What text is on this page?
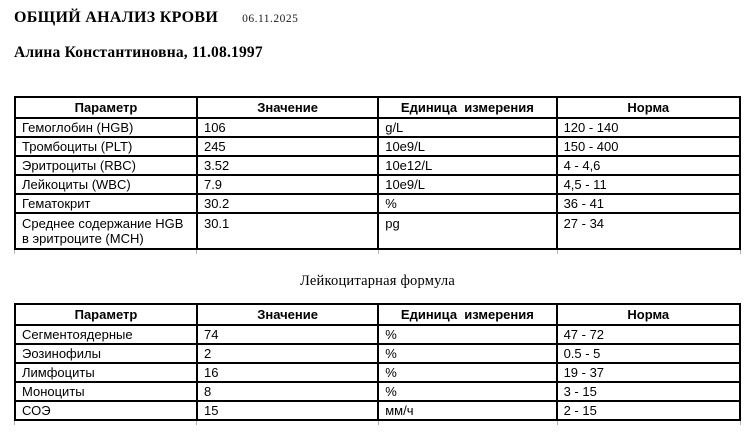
ОБЩИЙ АНАЛИЗ КРОВИ 06.11.2025
Алина Константиновна, 11.08.1997
Параметр	Значение	Единица  измерения	Норма
Гемоглобин (HGB)	106	g/L	120 - 140
Тромбоциты (PLT)	245	10e9/L	150 - 400
Эритроциты (RBC)	3.52	10e12/L	4 - 4,6
Лейкоциты (WBC)	7.9	10e9/L	4,5 - 11
Гематокрит	30.2	%	36 - 41
Среднее содержание HGB в эритроците (MCH)	30.1	pg	27 - 34
Лейкоцитарная формула
Параметр	Значение	Единица  измерения	Норма
Сегментоядерные	74	%	47 - 72
Эозинофилы	2	%	0.5 - 5
Лимфоциты	16	%	19 - 37
Моноциты	8	%	3 - 15
СОЭ	15	мм/ч	2 - 15
